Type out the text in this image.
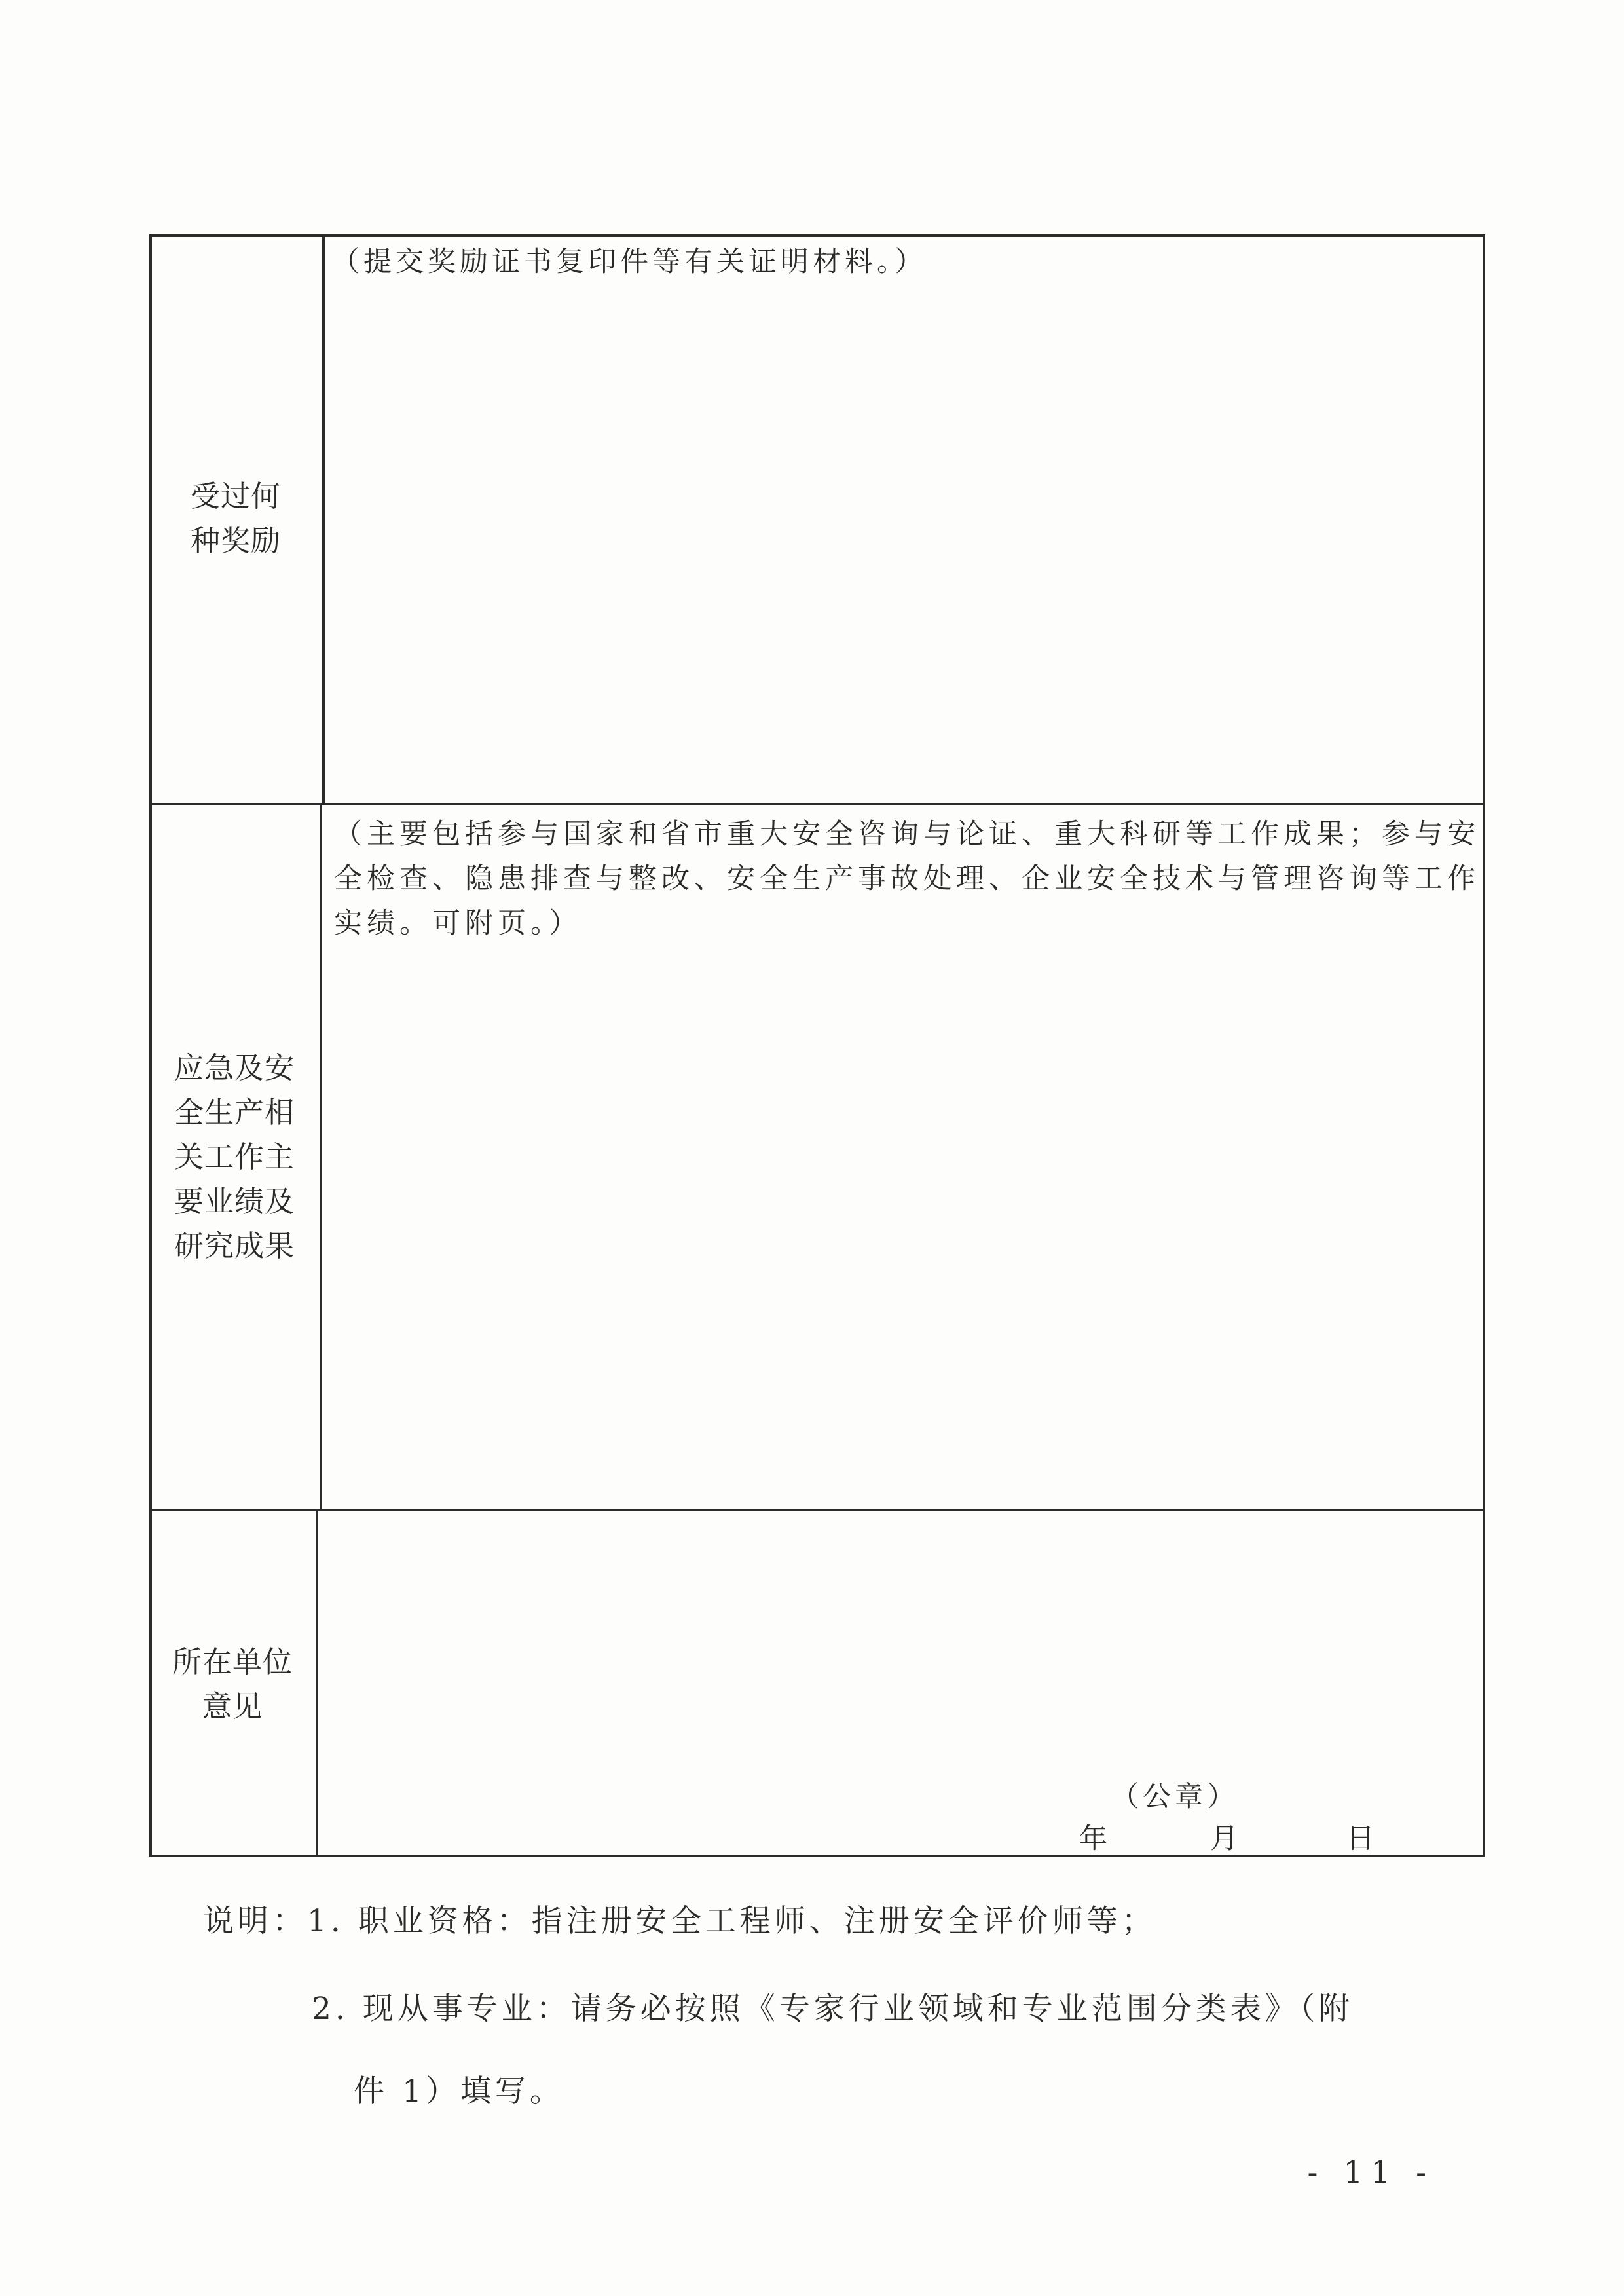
受过何
种奖励
（提交奖励证书复印件等有关证明材料。）
应急及安
全生产相
关工作主
要业绩及
研究成果
（主要包括参与国家和省市重大安全咨询与论证、重大科研等工作成果；参与安
全检查、隐患排查与整改、安全生产事故处理、企业安全技术与管理咨询等工作
实绩。可附页。）
所在单位
意见
（公章）
年	月	日
说明：1. 职业资格：指注册安全工程师、注册安全评价师等；
2. 现从事专业：请务必按照《专家行业领域和专业范围分类表》（附
件 1）填写。
- 11 -
